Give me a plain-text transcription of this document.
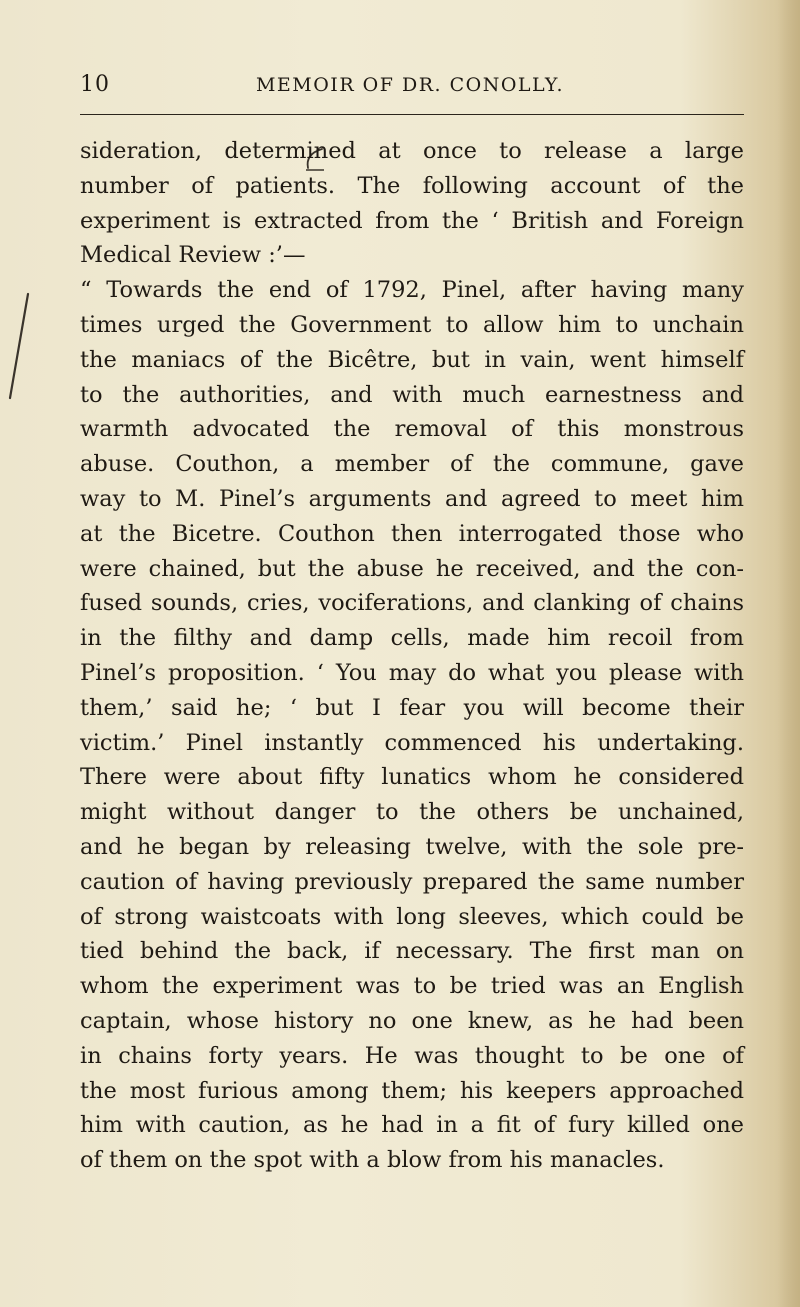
10	MEMOIR OF DR. CONOLLY.
sideration, determined at once to release a large
number of patients. The following account of the
experiment is extracted from the ‘ British and Foreign
Medical Review :’—
“ Towards the end of 1792, Pinel, after having many
times urged the Government to allow him to unchain
the maniacs of the Bicêtre, but in vain, went himself
to the authorities, and with much earnestness and
warmth advocated the removal of this monstrous
abuse. Couthon, a member of the commune, gave
way to M. Pinel’s arguments and agreed to meet him
at the Bicetre. Couthon then interrogated those who
were chained, but the abuse he received, and the con-
fused sounds, cries, vociferations, and clanking of chains
in the filthy and damp cells, made him recoil from
Pinel’s proposition. ‘ You may do what you please with
them,’ said he; ‘ but I fear you will become their
victim.’ Pinel instantly commenced his undertaking.
There were about fifty lunatics whom he considered
might without danger to the others be unchained,
and he began by releasing twelve, with the sole pre-
caution of having previously prepared the same number
of strong waistcoats with long sleeves, which could be
tied behind the back, if necessary. The first man on
whom the experiment was to be tried was an English
captain, whose history no one knew, as he had been
in chains forty years. He was thought to be one of
the most furious among them; his keepers approached
him with caution, as he had in a fit of fury killed one
of them on the spot with a blow from his manacles.
